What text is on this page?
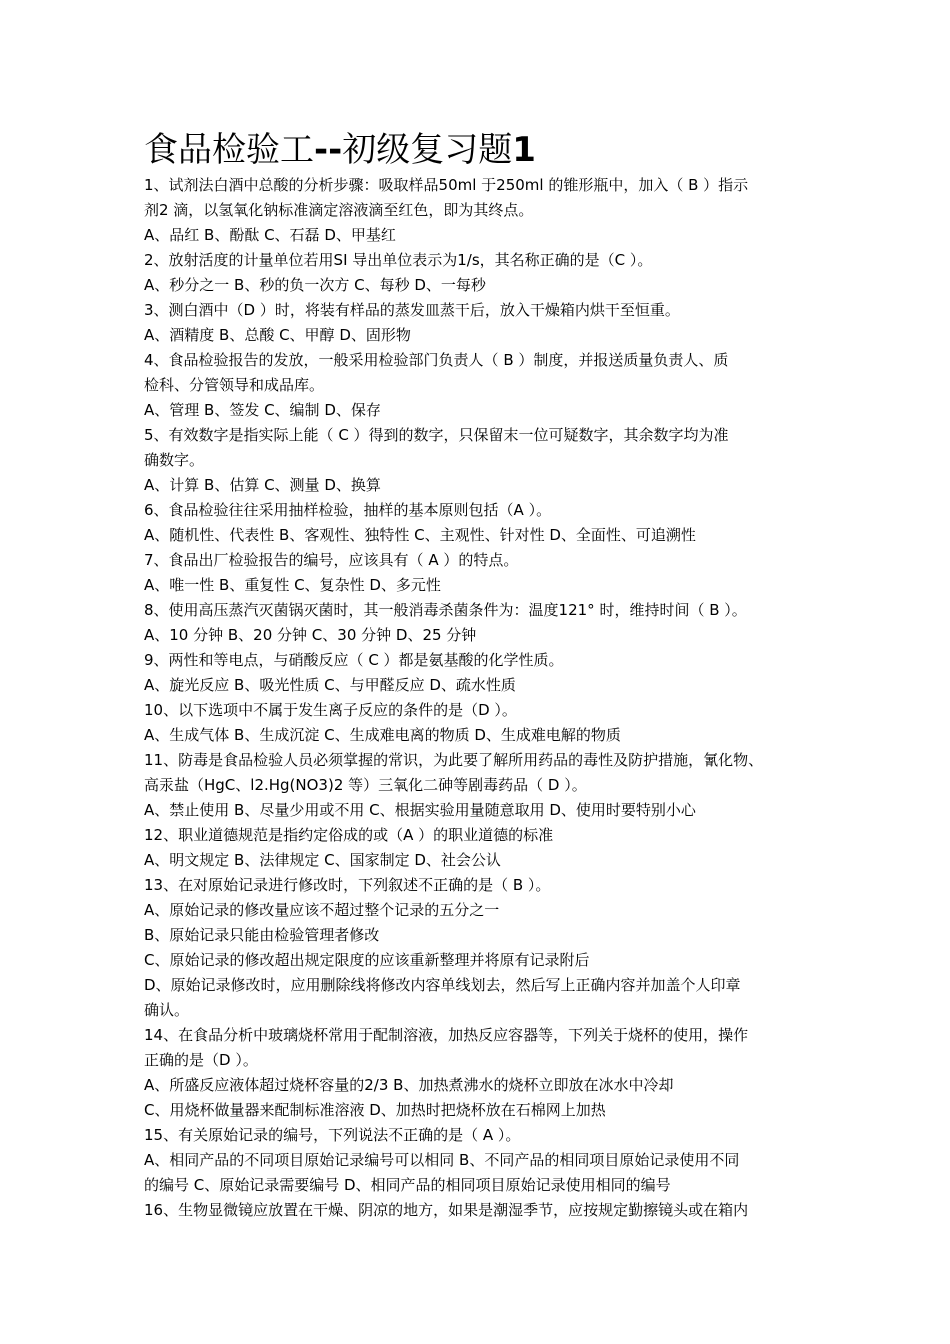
食品检验工--初级复习题1

1、试剂法白酒中总酸的分析步骤：吸取样品50ml 于250ml 的锥形瓶中，加入（ B ）指示

剂2 滴，以氢氧化钠标准滴定溶液滴至红色，即为其终点。

A、品红 B、酚酞 C、石磊 D、甲基红

2、放射活度的计量单位若用SI 导出单位表示为1/s，其名称正确的是（C ）。

A、秒分之一 B、秒的负一次方 C、每秒 D、一每秒

3、测白酒中（D ）时，将装有样品的蒸发皿蒸干后，放入干燥箱内烘干至恒重。

A、酒精度 B、总酸 C、甲醇 D、固形物

4、食品检验报告的发放，一般采用检验部门负责人（ B ）制度，并报送质量负责人、质

检科、分管领导和成品库。

A、管理 B、签发 C、编制 D、保存

5、有效数字是指实际上能（ C ）得到的数字，只保留末一位可疑数字，其余数字均为准

确数字。

A、计算 B、估算 C、测量 D、换算

6、食品检验往往采用抽样检验，抽样的基本原则包括（A ）。

A、随机性、代表性 B、客观性、独特性 C、主观性、针对性 D、全面性、可追溯性

7、食品出厂检验报告的编号，应该具有（ A ）的特点。

A、唯一性 B、重复性 C、复杂性 D、多元性

8、使用高压蒸汽灭菌锅灭菌时，其一般消毒杀菌条件为：温度121° 时，维持时间（ B ）。

A、10 分钟 B、20 分钟 C、30 分钟 D、25 分钟

9、两性和等电点，与硝酸反应（ C ）都是氨基酸的化学性质。

A、旋光反应 B、吸光性质 C、与甲醛反应 D、疏水性质

10、以下选项中不属于发生离子反应的条件的是（D ）。

A、生成气体 B、生成沉淀 C、生成难电离的物质 D、生成难电解的物质

11、防毒是食品检验人员必须掌握的常识，为此要了解所用药品的毒性及防护措施，氰化物、

高汞盐（HgC、l2.Hg(NO3)2 等）三氧化二砷等剧毒药品（ D ）。

A、禁止使用 B、尽量少用或不用 C、根据实验用量随意取用 D、使用时要特别小心

12、职业道德规范是指约定俗成的或（A ）的职业道德的标准

A、明文规定 B、法律规定 C、国家制定 D、社会公认

13、在对原始记录进行修改时，下列叙述不正确的是（ B ）。

A、原始记录的修改量应该不超过整个记录的五分之一

B、原始记录只能由检验管理者修改

C、原始记录的修改超出规定限度的应该重新整理并将原有记录附后

D、原始记录修改时，应用删除线将修改内容单线划去，然后写上正确内容并加盖个人印章

确认。

14、在食品分析中玻璃烧杯常用于配制溶液，加热反应容器等，下列关于烧杯的使用，操作

正确的是（D ）。

A、所盛反应液体超过烧杯容量的2/3 B、加热煮沸水的烧杯立即放在冰水中冷却

C、用烧杯做量器来配制标准溶液 D、加热时把烧杯放在石棉网上加热

15、有关原始记录的编号，下列说法不正确的是（ A ）。

A、相同产品的不同项目原始记录编号可以相同 B、不同产品的相同项目原始记录使用不同

的编号 C、原始记录需要编号 D、相同产品的相同项目原始记录使用相同的编号

16、生物显微镜应放置在干燥、阴凉的地方，如果是潮湿季节，应按规定勤擦镜头或在箱内
